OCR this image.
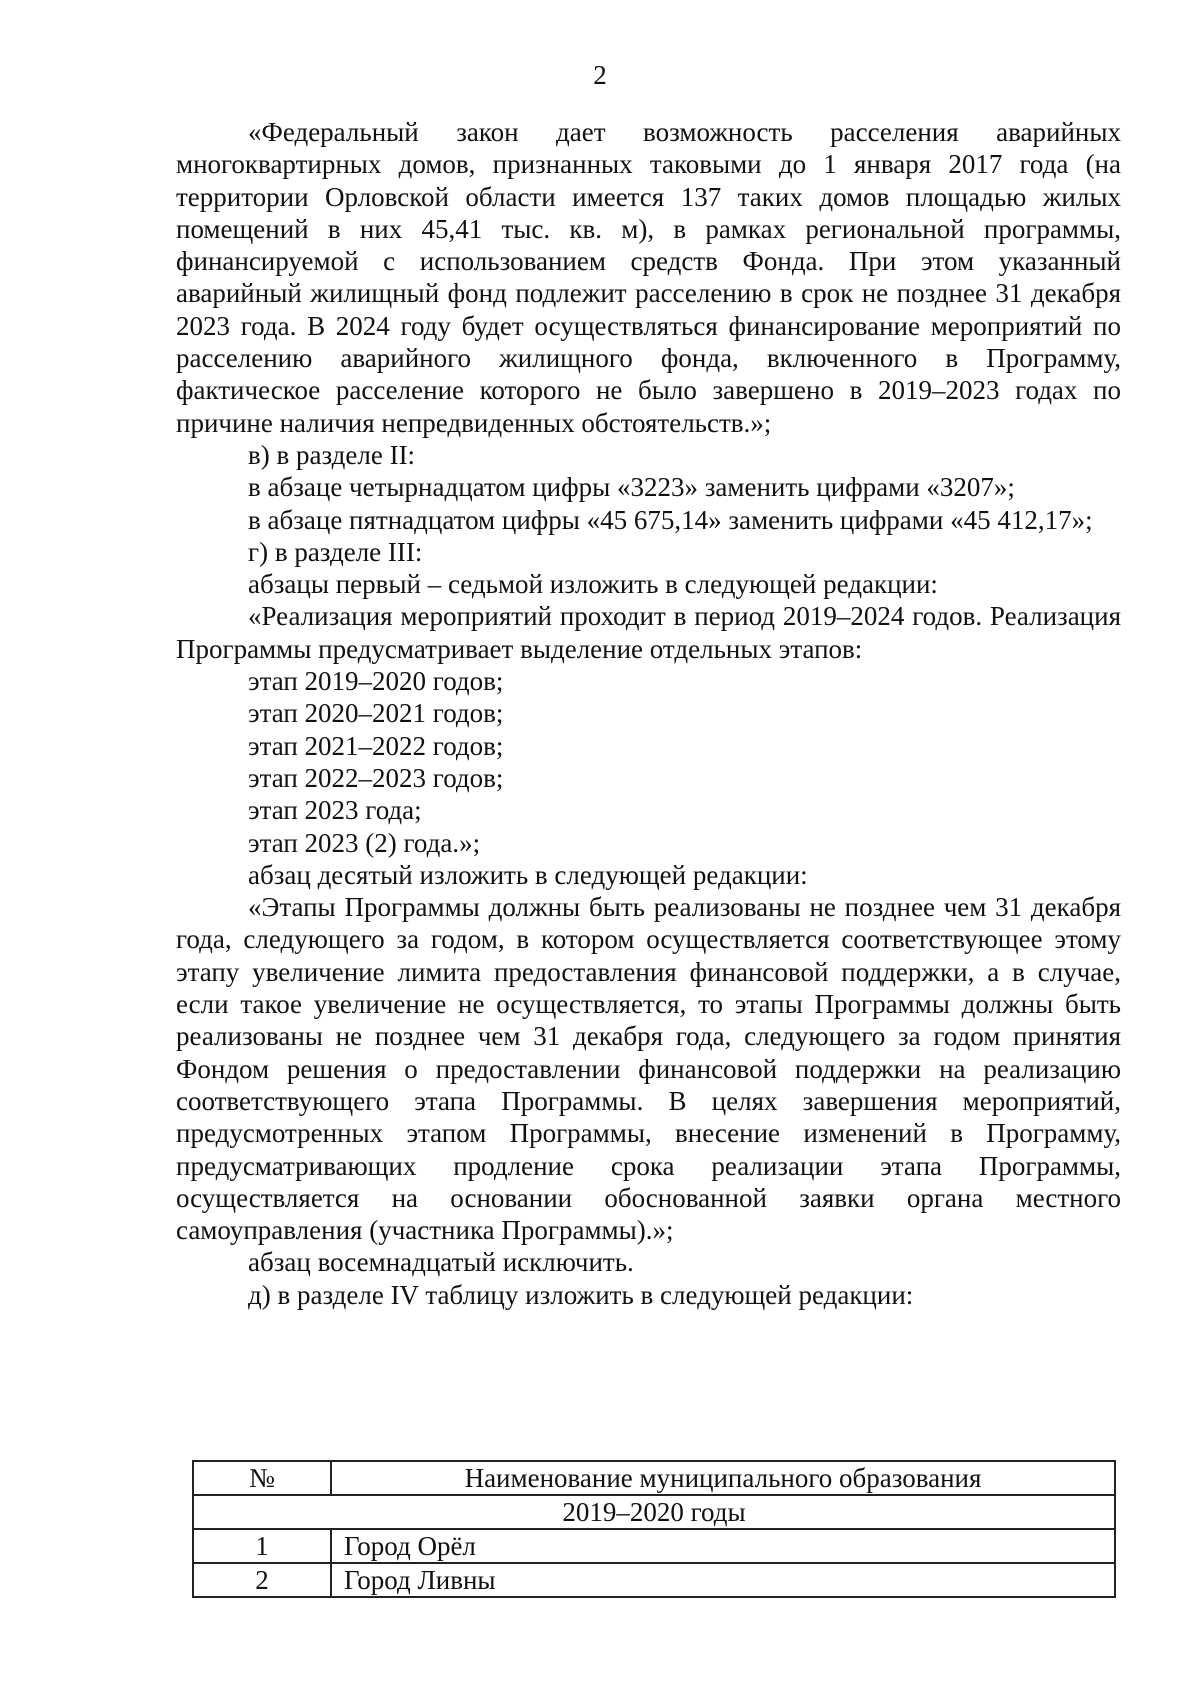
2

«Федеральный закон дает возможность расселения аварийных многоквартирных домов, признанных таковыми до 1 января 2017 года (на территории Орловской области имеется 137 таких домов площадью жилых помещений в них 45,41 тыс. кв. м), в рамках региональной программы, финансируемой с использованием средств Фонда. При этом указанный аварийный жилищный фонд подлежит расселению в срок не позднее 31 декабря 2023 года. В 2024 году будет осуществляться финансирование мероприятий по расселению аварийного жилищного фонда, включенного в Программу, фактическое расселение которого не было завершено в 2019–2023 годах по причине наличия непредвиденных обстоятельств.»;

в) в разделе II:

в абзаце четырнадцатом цифры «3223» заменить цифрами «3207»;

в абзаце пятнадцатом цифры «45 675,14» заменить цифрами «45 412,17»;

г) в разделе III:

абзацы первый – седьмой изложить в следующей редакции:

«Реализация мероприятий проходит в период 2019–2024 годов. Реализация Программы предусматривает выделение отдельных этапов:

этап 2019–2020 годов;

этап 2020–2021 годов;

этап 2021–2022 годов;

этап 2022–2023 годов;

этап 2023 года;

этап 2023 (2) года.»;

абзац десятый изложить в следующей редакции:

«Этапы Программы должны быть реализованы не позднее чем 31 декабря года, следующего за годом, в котором осуществляется соответствующее этому этапу увеличение лимита предоставления финансовой поддержки, а в случае, если такое увеличение не осуществляется, то этапы Программы должны быть реализованы не позднее чем 31 декабря года, следующего за годом принятия Фондом решения о предоставлении финансовой поддержки на реализацию соответствующего этапа Программы. В целях завершения мероприятий, предусмотренных этапом Программы, внесение изменений в Программу, предусматривающих продление срока реализации этапа Программы, осуществляется на основании обоснованной заявки органа местного самоуправления (участника Программы).»;

абзац восемнадцатый исключить.

д) в разделе IV таблицу изложить в следующей редакции:

№	Наименование муниципального образования
2019–2020 годы	
1	Город Орёл
2	Город Ливны
